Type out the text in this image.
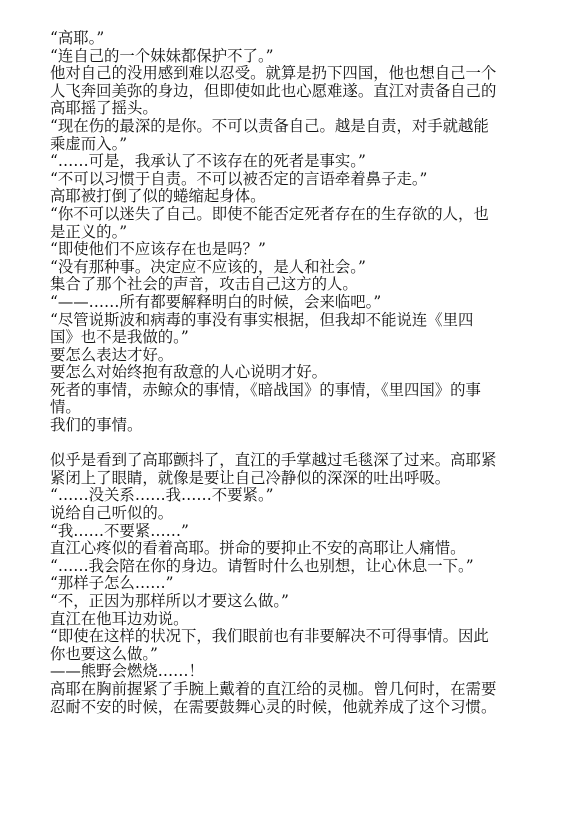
“高耶。”
“连自己的一个妹妹都保护不了。”
他对自己的没用感到难以忍受。就算是扔下四国，他也想自己一个
人飞奔回美弥的身边，但即使如此也心愿难遂。直江对责备自己的
高耶摇了摇头。
“现在伤的最深的是你。不可以责备自己。越是自责，对手就越能
乘虚而入。”
“……可是，我承认了不该存在的死者是事实。”
“不可以习惯于自责。不可以被否定的言语牵着鼻子走。”
高耶被打倒了似的蜷缩起身体。
“你不可以迷失了自己。即使不能否定死者存在的生存欲的人，也
是正义的。”
“即使他们不应该存在也是吗？”
“没有那种事。决定应不应该的，是人和社会。”
集合了那个社会的声音，攻击自己这方的人。
“——……所有都要解释明白的时候，会来临吧。”
“尽管说斯波和病毒的事没有事实根据，但我却不能说连《里四
国》也不是我做的。”
要怎么表达才好。
要怎么对始终抱有敌意的人心说明才好。
死者的事情，赤鲸众的事情，《暗战国》的事情，《里四国》的事
情。
我们的事情。
似乎是看到了高耶颤抖了，直江的手掌越过毛毯深了过来。高耶紧
紧闭上了眼睛，就像是要让自己冷静似的深深的吐出呼吸。
“……没关系……我……不要紧。”
说给自己听似的。
“我……不要紧……”
直江心疼似的看着高耶。拼命的要抑止不安的高耶让人痛惜。
“……我会陪在你的身边。请暂时什么也别想，让心休息一下。”
“那样子怎么……”
“不，正因为那样所以才要这么做。”
直江在他耳边劝说。
“即使在这样的状况下，我们眼前也有非要解决不可得事情。因此
你也要这么做。”
——熊野会燃烧……！
高耶在胸前握紧了手腕上戴着的直江给的灵枷。曾几何时，在需要
忍耐不安的时候，在需要鼓舞心灵的时候，他就养成了这个习惯。
